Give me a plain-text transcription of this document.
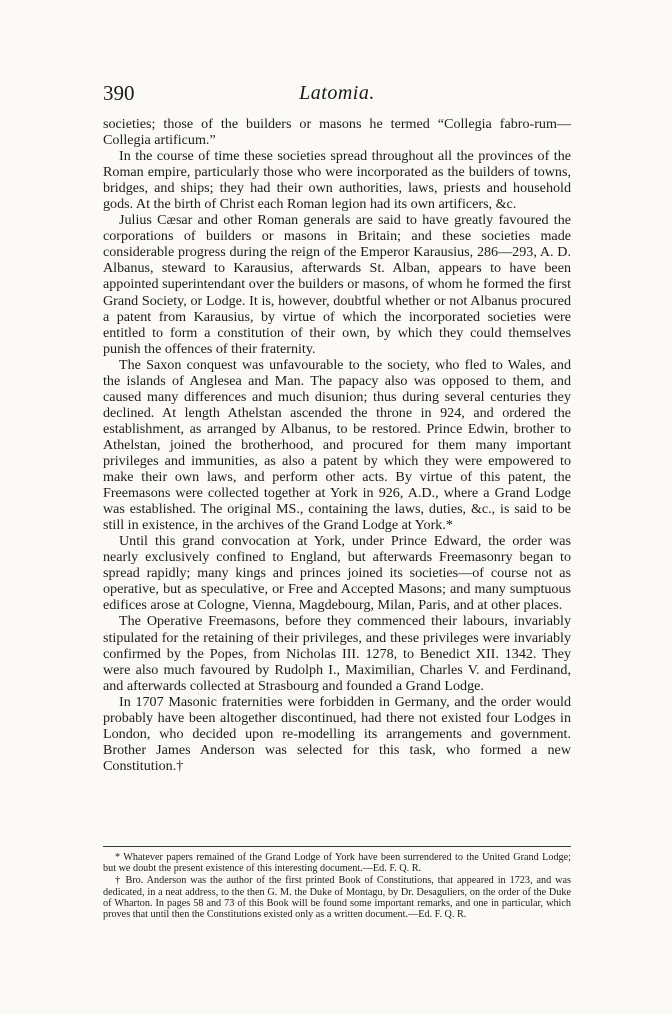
390	Latomia.

societies; those of the builders or masons he termed “Collegia fabro-rum—Collegia artificum.”

In the course of time these societies spread throughout all the provinces of the Roman empire, particularly those who were incorporated as the builders of towns, bridges, and ships; they had their own authorities, laws, priests and household gods. At the birth of Christ each Roman legion had its own artificers, &c.

Julius Cæsar and other Roman generals are said to have greatly favoured the corporations of builders or masons in Britain; and these societies made considerable progress during the reign of the Emperor Karausius, 286—293, A. D. Albanus, steward to Karausius, afterwards St. Alban, appears to have been appointed superintendant over the builders or masons, of whom he formed the first Grand Society, or Lodge. It is, however, doubtful whether or not Albanus procured a patent from Karausius, by virtue of which the incorporated societies were entitled to form a constitution of their own, by which they could themselves punish the offences of their fraternity.

The Saxon conquest was unfavourable to the society, who fled to Wales, and the islands of Anglesea and Man. The papacy also was opposed to them, and caused many differences and much disunion; thus during several centuries they declined. At length Athelstan ascended the throne in 924, and ordered the establishment, as arranged by Albanus, to be restored. Prince Edwin, brother to Athelstan, joined the brotherhood, and procured for them many important privileges and immunities, as also a patent by which they were empowered to make their own laws, and perform other acts. By virtue of this patent, the Freemasons were collected together at York in 926, A.D., where a Grand Lodge was established. The original MS., containing the laws, duties, &c., is said to be still in existence, in the archives of the Grand Lodge at York.*

Until this grand convocation at York, under Prince Edward, the order was nearly exclusively confined to England, but afterwards Freemasonry began to spread rapidly; many kings and princes joined its societies—of course not as operative, but as speculative, or Free and Accepted Masons; and many sumptuous edifices arose at Cologne, Vienna, Magdebourg, Milan, Paris, and at other places.

The Operative Freemasons, before they commenced their labours, invariably stipulated for the retaining of their privileges, and these privileges were invariably confirmed by the Popes, from Nicholas III. 1278, to Benedict XII. 1342. They were also much favoured by Rudolph I., Maximilian, Charles V. and Ferdinand, and afterwards collected at Strasbourg and founded a Grand Lodge.

In 1707 Masonic fraternities were forbidden in Germany, and the order would probably have been altogether discontinued, had there not existed four Lodges in London, who decided upon re-modelling its arrangements and government. Brother James Anderson was selected for this task, who formed a new Constitution.†

* Whatever papers remained of the Grand Lodge of York have been surrendered to the United Grand Lodge; but we doubt the present existence of this interesting document.—Ed. F. Q. R.

† Bro. Anderson was the author of the first printed Book of Constitutions, that appeared in 1723, and was dedicated, in a neat address, to the then G. M. the Duke of Montagu, by Dr. Desaguliers, on the order of the Duke of Wharton. In pages 58 and 73 of this Book will be found some important remarks, and one in particular, which proves that until then the Constitutions existed only as a written document.—Ed. F. Q. R.
